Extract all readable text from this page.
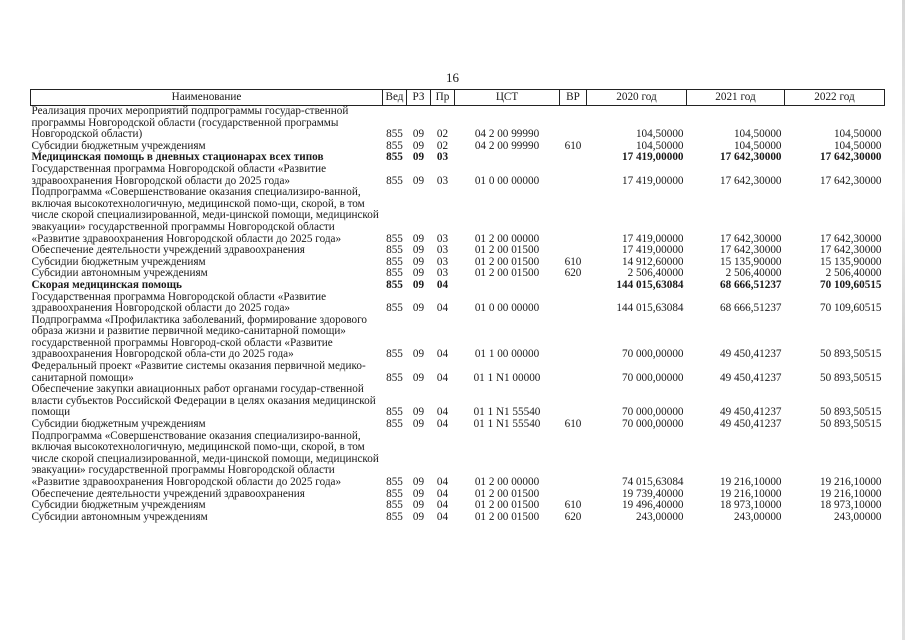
16
Наименование	Вед	РЗ	Пр	ЦСТ	ВР	2020 год	2021 год	2022 год
Реализация прочих мероприятий подпрограммы государ-ственной программы Новгородской области (государственной программы Новгородской области)	855	09	02	04 2 00 99990		104,50000	104,50000	104,50000
Субсидии бюджетным учреждениям	855	09	02	04 2 00 99990	610	104,50000	104,50000	104,50000
Медицинская помощь в дневных стационарах всех типов	855	09	03			17 419,00000	17 642,30000	17 642,30000
Государственная программа Новгородской области «Развитие здравоохранения Новгородской области до 2025 года»	855	09	03	01 0 00 00000		17 419,00000	17 642,30000	17 642,30000
Подпрограмма «Совершенствование оказания специализиро-ванной, включая высокотехнологичную, медицинской помо-щи, скорой, в том числе скорой специализированной, меди-цинской помощи, медицинской эвакуации» государственной программы Новгородской области «Развитие здравоохранения Новгородской области до 2025 года»	855	09	03	01 2 00 00000		17 419,00000	17 642,30000	17 642,30000
Обеспечение деятельности учреждений здравоохранения	855	09	03	01 2 00 01500		17 419,00000	17 642,30000	17 642,30000
Субсидии бюджетным учреждениям	855	09	03	01 2 00 01500	610	14 912,60000	15 135,90000	15 135,90000
Субсидии автономным учреждениям	855	09	03	01 2 00 01500	620	2 506,40000	2 506,40000	2 506,40000
Скорая медицинская помощь	855	09	04			144 015,63084	68 666,51237	70 109,60515
Государственная программа Новгородской области «Развитие здравоохранения Новгородской области до 2025 года»	855	09	04	01 0 00 00000		144 015,63084	68 666,51237	70 109,60515
Подпрограмма «Профилактика заболеваний, формирование здорового образа жизни и развитие первичной медико-санитарной помощи» государственной программы Новгород-ской области «Развитие здравоохранения Новгородской обла-сти до 2025 года»	855	09	04	01 1 00 00000		70 000,00000	49 450,41237	50 893,50515
Федеральный проект «Развитие системы оказания первичной медико-санитарной помощи»	855	09	04	01 1 N1 00000		70 000,00000	49 450,41237	50 893,50515
Обеспечение закупки авиационных работ органами государ-ственной власти субъектов Российской Федерации в целях оказания медицинской помощи	855	09	04	01 1 N1 55540		70 000,00000	49 450,41237	50 893,50515
Субсидии бюджетным учреждениям	855	09	04	01 1 N1 55540	610	70 000,00000	49 450,41237	50 893,50515
Подпрограмма «Совершенствование оказания специализиро-ванной, включая высокотехнологичную, медицинской помо-щи, скорой, в том числе скорой специализированной, меди-цинской помощи, медицинской эвакуации» государственной программы Новгородской области «Развитие здравоохранения Новгородской области до 2025 года»	855	09	04	01 2 00 00000		74 015,63084	19 216,10000	19 216,10000
Обеспечение деятельности учреждений здравоохранения	855	09	04	01 2 00 01500		19 739,40000	19 216,10000	19 216,10000
Субсидии бюджетным учреждениям	855	09	04	01 2 00 01500	610	19 496,40000	18 973,10000	18 973,10000
Субсидии автономным учреждениям	855	09	04	01 2 00 01500	620	243,00000	243,00000	243,00000
